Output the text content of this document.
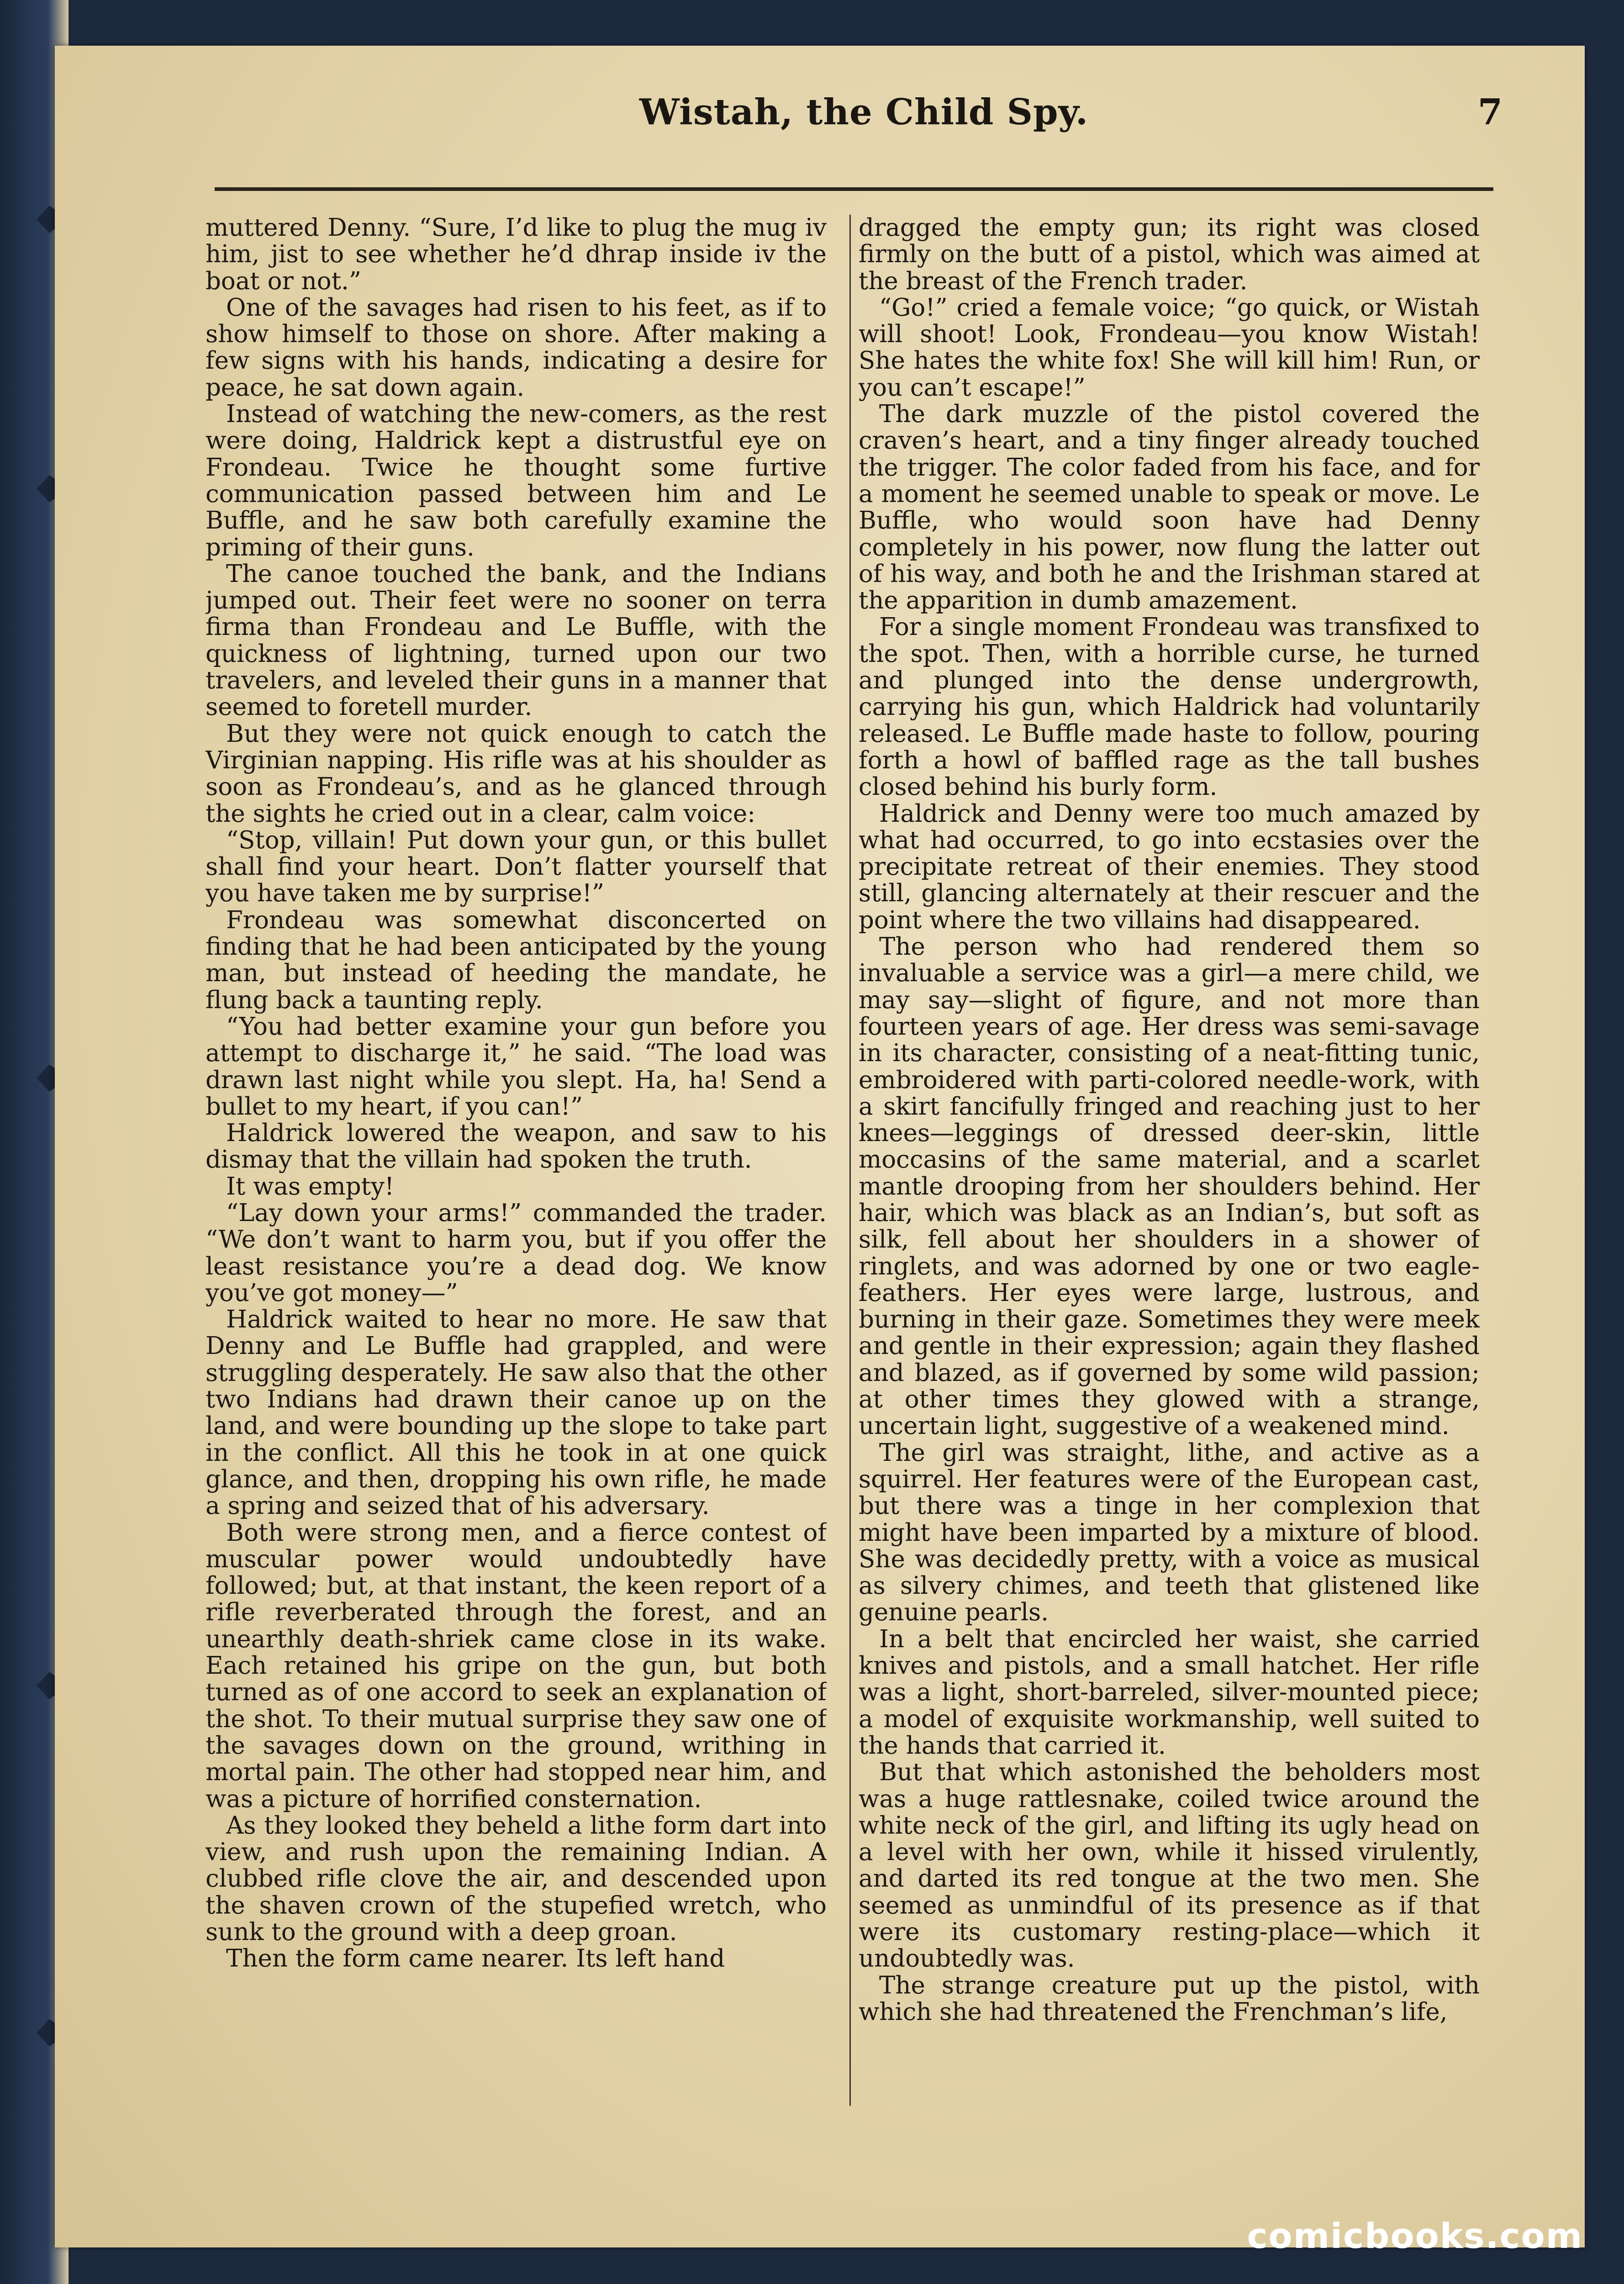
Wistah, the Child Spy.	7

muttered Denny. “Sure, I’d like to plug the mug iv him, jist to see whether he’d dhrap inside iv the boat or not.”

One of the savages had risen to his feet, as if to show himself to those on shore. After making a few signs with his hands, indicating a desire for peace, he sat down again.

Instead of watching the new-comers, as the rest were doing, Haldrick kept a distrustful eye on Frondeau. Twice he thought some furtive communication passed between him and Le Buffle, and he saw both carefully examine the priming of their guns.

The canoe touched the bank, and the Indians jumped out. Their feet were no sooner on terra firma than Frondeau and Le Buffle, with the quickness of lightning, turned upon our two travelers, and leveled their guns in a manner that seemed to foretell murder.

But they were not quick enough to catch the Virginian napping. His rifle was at his shoulder as soon as Frondeau’s, and as he glanced through the sights he cried out in a clear, calm voice:

“Stop, villain! Put down your gun, or this bullet shall find your heart. Don’t flatter yourself that you have taken me by surprise!”

Frondeau was somewhat disconcerted on finding that he had been anticipated by the young man, but instead of heeding the mandate, he flung back a taunting reply.

“You had better examine your gun before you attempt to discharge it,” he said. “The load was drawn last night while you slept. Ha, ha! Send a bullet to my heart, if you can!”

Haldrick lowered the weapon, and saw to his dismay that the villain had spoken the truth.

It was empty!

“Lay down your arms!” commanded the trader. “We don’t want to harm you, but if you offer the least resistance you’re a dead dog. We know you’ve got money—”

Haldrick waited to hear no more. He saw that Denny and Le Buffle had grappled, and were struggling desperately. He saw also that the other two Indians had drawn their canoe up on the land, and were bounding up the slope to take part in the conflict. All this he took in at one quick glance, and then, dropping his own rifle, he made a spring and seized that of his adversary.

Both were strong men, and a fierce contest of muscular power would undoubtedly have followed; but, at that instant, the keen report of a rifle reverberated through the forest, and an unearthly death-shriek came close in its wake. Each retained his gripe on the gun, but both turned as of one accord to seek an explanation of the shot. To their mutual surprise they saw one of the savages down on the ground, writhing in mortal pain. The other had stopped near him, and was a picture of horrified consternation.

As they looked they beheld a lithe form dart into view, and rush upon the remaining Indian. A clubbed rifle clove the air, and descended upon the shaven crown of the stupefied wretch, who sunk to the ground with a deep groan.

Then the form came nearer. Its left hand

dragged the empty gun; its right was closed firmly on the butt of a pistol, which was aimed at the breast of the French trader.

“Go!” cried a female voice; “go quick, or Wistah will shoot! Look, Frondeau—you know Wistah! She hates the white fox! She will kill him! Run, or you can’t escape!”

The dark muzzle of the pistol covered the craven’s heart, and a tiny finger already touched the trigger. The color faded from his face, and for a moment he seemed unable to speak or move. Le Buffle, who would soon have had Denny completely in his power, now flung the latter out of his way, and both he and the Irishman stared at the apparition in dumb amazement.

For a single moment Frondeau was transfixed to the spot. Then, with a horrible curse, he turned and plunged into the dense undergrowth, carrying his gun, which Haldrick had voluntarily released. Le Buffle made haste to follow, pouring forth a howl of baffled rage as the tall bushes closed behind his burly form.

Haldrick and Denny were too much amazed by what had occurred, to go into ecstasies over the precipitate retreat of their enemies. They stood still, glancing alternately at their rescuer and the point where the two villains had disappeared.

The person who had rendered them so invaluable a service was a girl—a mere child, we may say—slight of figure, and not more than fourteen years of age. Her dress was semi-savage in its character, consisting of a neat-fitting tunic, embroidered with parti-colored needle-work, with a skirt fancifully fringed and reaching just to her knees—leggings of dressed deer-skin, little moccasins of the same material, and a scarlet mantle drooping from her shoulders behind. Her hair, which was black as an Indian’s, but soft as silk, fell about her shoulders in a shower of ringlets, and was adorned by one or two eagle-feathers. Her eyes were large, lustrous, and burning in their gaze. Sometimes they were meek and gentle in their expression; again they flashed and blazed, as if governed by some wild passion; at other times they glowed with a strange, uncertain light, suggestive of a weakened mind.

The girl was straight, lithe, and active as a squirrel. Her features were of the European cast, but there was a tinge in her complexion that might have been imparted by a mixture of blood. She was decidedly pretty, with a voice as musical as silvery chimes, and teeth that glistened like genuine pearls.

In a belt that encircled her waist, she carried knives and pistols, and a small hatchet. Her rifle was a light, short-barreled, silver-mounted piece; a model of exquisite workmanship, well suited to the hands that carried it.

But that which astonished the beholders most was a huge rattlesnake, coiled twice around the white neck of the girl, and lifting its ugly head on a level with her own, while it hissed virulently, and darted its red tongue at the two men. She seemed as unmindful of its presence as if that were its customary resting-place—which it undoubtedly was.

The strange creature put up the pistol, with which she had threatened the Frenchman’s life,

comicbooks.com
